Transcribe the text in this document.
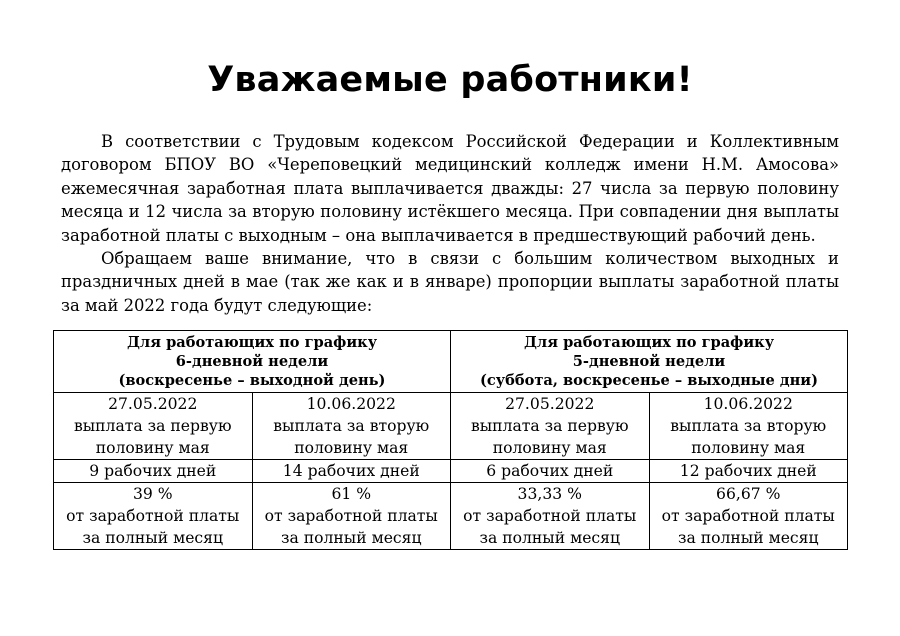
Уважаемые работники!

В соответствии с Трудовым кодексом Российской Федерации и Коллективным договором БПОУ ВО «Череповецкий медицинский колледж имени Н.М. Амосова» ежемесячная заработная плата выплачивается дважды: 27 числа за первую половину месяца и 12 числа за вторую половину истёкшего месяца. При совпадении дня выплаты заработной платы с выходным – она выплачивается в предшествующий рабочий день.

Обращаем ваше внимание, что в связи с большим количеством выходных и праздничных дней в мае (так же как и в январе) пропорции выплаты заработной платы за май 2022 года будут следующие:

Для работающих по графику
6-дневной недели
(воскресенье – выходной день)		Для работающих по графику
5-дневной недели
(суббота, воскресенье – выходные дни)	

27.05.2022
выплата за первую
половину мая	10.06.2022
выплата за вторую
половину мая	27.05.2022
выплата за первую
половину мая	10.06.2022
выплата за вторую
половину мая

9 рабочих дней	14 рабочих дней	6 рабочих дней	12 рабочих дней

39 %
от заработной платы
за полный месяц	61 %
от заработной платы
за полный месяц	33,33 %
от заработной платы
за полный месяц	66,67 %
от заработной платы
за полный месяц
